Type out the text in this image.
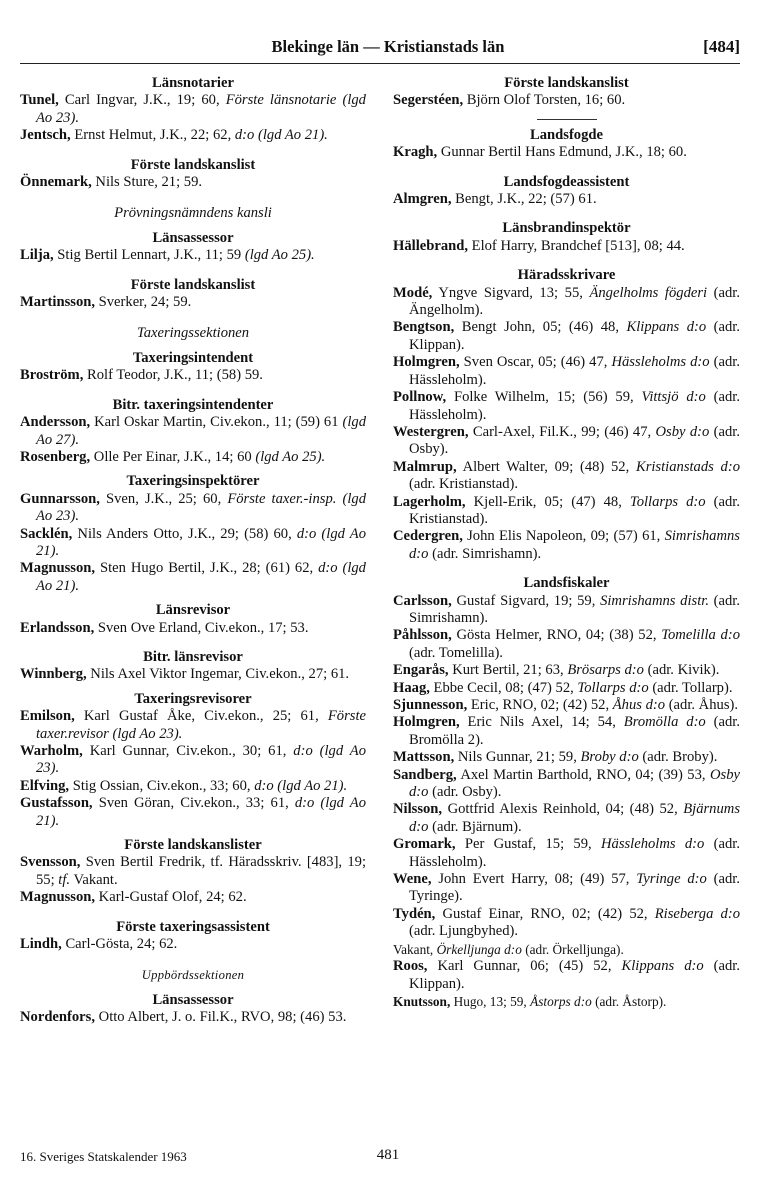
Blekinge län — Kristianstads län	[484]
Länsnotarier
Tunel, Carl Ingvar, J.K., 19; 60, Förste länsnotarie (lgd Ao 23).
Jentsch, Ernst Helmut, J.K., 22; 62, d:o (lgd Ao 21).
Förste landskanslist
Önnemark, Nils Sture, 21; 59.
Prövningsnämndens kansli
Länsassessor
Lilja, Stig Bertil Lennart, J.K., 11; 59 (lgd Ao 25).
Förste landskanslist
Martinsson, Sverker, 24; 59.
Taxeringssektionen
Taxeringsintendent
Broström, Rolf Teodor, J.K., 11; (58) 59.
Bitr. taxeringsintendenter
Andersson, Karl Oskar Martin, Civ.ekon., 11; (59) 61 (lgd Ao 27).
Rosenberg, Olle Per Einar, J.K., 14; 60 (lgd Ao 25).
Taxeringsinspektörer
Gunnarsson, Sven, J.K., 25; 60, Förste taxer.-insp. (lgd Ao 23).
Sacklén, Nils Anders Otto, J.K., 29; (58) 60, d:o (lgd Ao 21).
Magnusson, Sten Hugo Bertil, J.K., 28; (61) 62, d:o (lgd Ao 21).
Länsrevisor
Erlandsson, Sven Ove Erland, Civ.ekon., 17; 53.
Bitr. länsrevisor
Winnberg, Nils Axel Viktor Ingemar, Civ.ekon., 27; 61.
Taxeringsrevisorer
Emilson, Karl Gustaf Åke, Civ.ekon., 25; 61, Förste taxer.revisor (lgd Ao 23).
Warholm, Karl Gunnar, Civ.ekon., 30; 61, d:o (lgd Ao 23).
Elfving, Stig Ossian, Civ.ekon., 33; 60, d:o (lgd Ao 21).
Gustafsson, Sven Göran, Civ.ekon., 33; 61, d:o (lgd Ao 21).
Förste landskanslister
Svensson, Sven Bertil Fredrik, tf. Häradsskriv. [483], 19; 55; tf. Vakant.
Magnusson, Karl-Gustaf Olof, 24; 62.
Förste taxeringsassistent
Lindh, Carl-Gösta, 24; 62.
Uppbördssektionen
Länsassessor
Nordenfors, Otto Albert, J. o. Fil.K., RVO, 98; (46) 53.
Förste landskanslist
Segerstéen, Björn Olof Torsten, 16; 60.
Landsfogde
Kragh, Gunnar Bertil Hans Edmund, J.K., 18; 60.
Landsfogdeassistent
Almgren, Bengt, J.K., 22; (57) 61.
Länsbrandinspektör
Hällebrand, Elof Harry, Brandchef [513], 08; 44.
Häradsskrivare
Modé, Yngve Sigvard, 13; 55, Ängelholms fögderi (adr. Ängelholm).
Bengtson, Bengt John, 05; (46) 48, Klippans d:o (adr. Klippan).
Holmgren, Sven Oscar, 05; (46) 47, Hässleholms d:o (adr. Hässleholm).
Pollnow, Folke Wilhelm, 15; (56) 59, Vittsjö d:o (adr. Hässleholm).
Westergren, Carl-Axel, Fil.K., 99; (46) 47, Osby d:o (adr. Osby).
Malmrup, Albert Walter, 09; (48) 52, Kristianstads d:o (adr. Kristianstad).
Lagerholm, Kjell-Erik, 05; (47) 48, Tollarps d:o (adr. Kristianstad).
Cedergren, John Elis Napoleon, 09; (57) 61, Simrishamns d:o (adr. Simrishamn).
Landsfiskaler
Carlsson, Gustaf Sigvard, 19; 59, Simrishamns distr. (adr. Simrishamn).
Påhlsson, Gösta Helmer, RNO, 04; (38) 52, Tomelilla d:o (adr. Tomelilla).
Engarås, Kurt Bertil, 21; 63, Brösarps d:o (adr. Kivik).
Haag, Ebbe Cecil, 08; (47) 52, Tollarps d:o (adr. Tollarp).
Sjunnesson, Eric, RNO, 02; (42) 52, Åhus d:o (adr. Åhus).
Holmgren, Eric Nils Axel, 14; 54, Bromölla d:o (adr. Bromölla 2).
Mattsson, Nils Gunnar, 21; 59, Broby d:o (adr. Broby).
Sandberg, Axel Martin Barthold, RNO, 04; (39) 53, Osby d:o (adr. Osby).
Nilsson, Gottfrid Alexis Reinhold, 04; (48) 52, Bjärnums d:o (adr. Bjärnum).
Gromark, Per Gustaf, 15; 59, Hässleholms d:o (adr. Hässleholm).
Wene, John Evert Harry, 08; (49) 57, Tyringe d:o (adr. Tyringe).
Tydén, Gustaf Einar, RNO, 02; (42) 52, Riseberga d:o (adr. Ljungbyhed).
Vakant, Örkelljunga d:o (adr. Örkelljunga).
Roos, Karl Gunnar, 06; (45) 52, Klippans d:o (adr. Klippan).
Knutsson, Hugo, 13; 59, Åstorps d:o (adr. Åstorp).
16. Sveriges Statskalender 1963	481
